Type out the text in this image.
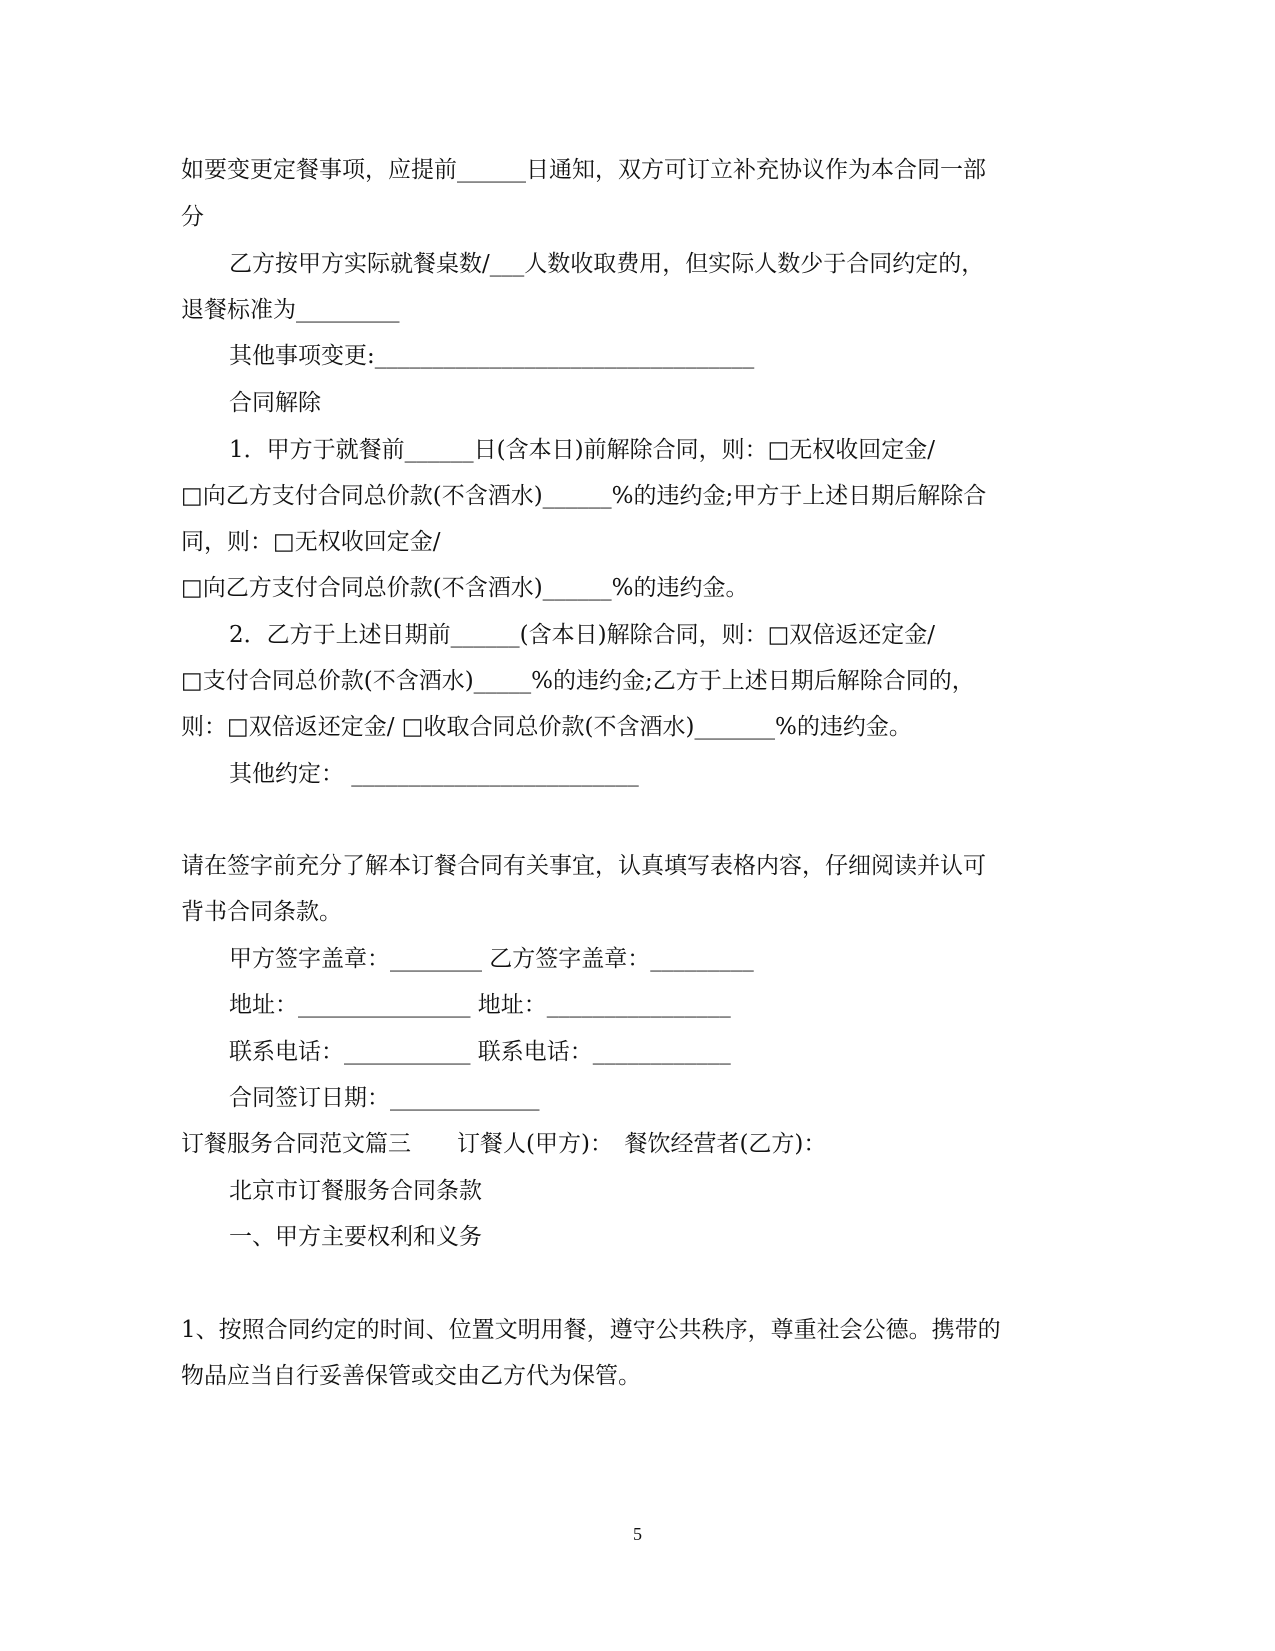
如要变更定餐事项，应提前______日通知，双方可订立补充协议作为本合同一部

分

乙方按甲方实际就餐桌数/___人数收取费用，但实际人数少于合同约定的，

退餐标准为_________

其他事项变更:_________________________________

合同解除

1．甲方于就餐前______日(含本日)前解除合同，则：□无权收回定金/

□向乙方支付合同总价款(不含酒水)______%的违约金;甲方于上述日期后解除合

同，则：□无权收回定金/

□向乙方支付合同总价款(不含酒水)______%的违约金。

2．乙方于上述日期前______(含本日)解除合同，则：□双倍返还定金/

□支付合同总价款(不含酒水)_____%的违约金;乙方于上述日期后解除合同的，

则：□双倍返还定金/ □收取合同总价款(不含酒水)_______%的违约金。

其他约定： _________________________

请在签字前充分了解本订餐合同有关事宜，认真填写表格内容，仔细阅读并认可

背书合同条款。

甲方签字盖章：________ 乙方签字盖章：_________

地址：_______________ 地址：________________

联系电话：___________ 联系电话：____________

合同签订日期：_____________

订餐服务合同范文篇三　　订餐人(甲方)：　餐饮经营者(乙方)：

北京市订餐服务合同条款

一、甲方主要权利和义务

1、按照合同约定的时间、位置文明用餐，遵守公共秩序，尊重社会公德。携带的

物品应当自行妥善保管或交由乙方代为保管。

5
